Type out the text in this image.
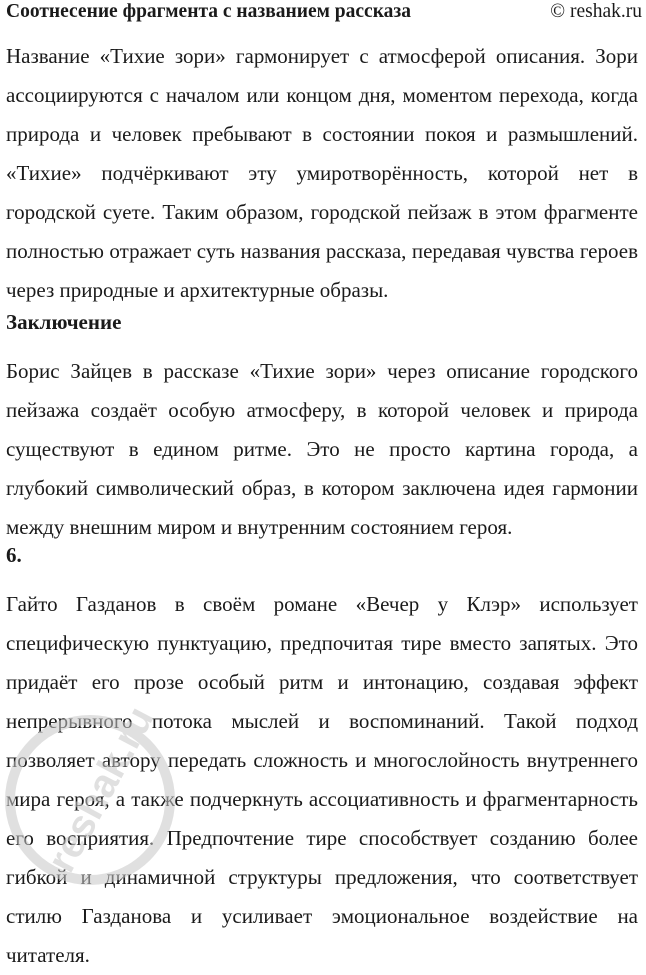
Соотнесение фрагмента с названием рассказа	© reshak.ru

Название «Тихие зори» гармонирует с атмосферой описания. Зори ассоциируются с началом или концом дня, моментом перехода, когда природа и человек пребывают в состоянии покоя и размышлений. «Тихие» подчёркивают эту умиротворённость, которой нет в городской суете. Таким образом, городской пейзаж в этом фрагменте полностью отражает суть названия рассказа, передавая чувства героев через природные и архитектурные образы.

Заключение

Борис Зайцев в рассказе «Тихие зори» через описание городского пейзажа создаёт особую атмосферу, в которой человек и природа существуют в едином ритме. Это не просто картина города, а глубокий символический образ, в котором заключена идея гармонии между внешним миром и внутренним состоянием героя.

6.

Гайто Газданов в своём романе «Вечер у Клэр» использует специфическую пунктуацию, предпочитая тире вместо запятых. Это придаёт его прозе особый ритм и интонацию, создавая эффект непрерывного потока мыслей и воспоминаний. Такой подход позволяет автору передать сложность и многослойность внутреннего мира героя, а также подчеркнуть ассоциативность и фрагментарность его восприятия. Предпочтение тире способствует созданию более гибкой и динамичной структуры предложения, что соответствует стилю Газданова и усиливает эмоциональное воздействие на читателя.

reshak.ru
